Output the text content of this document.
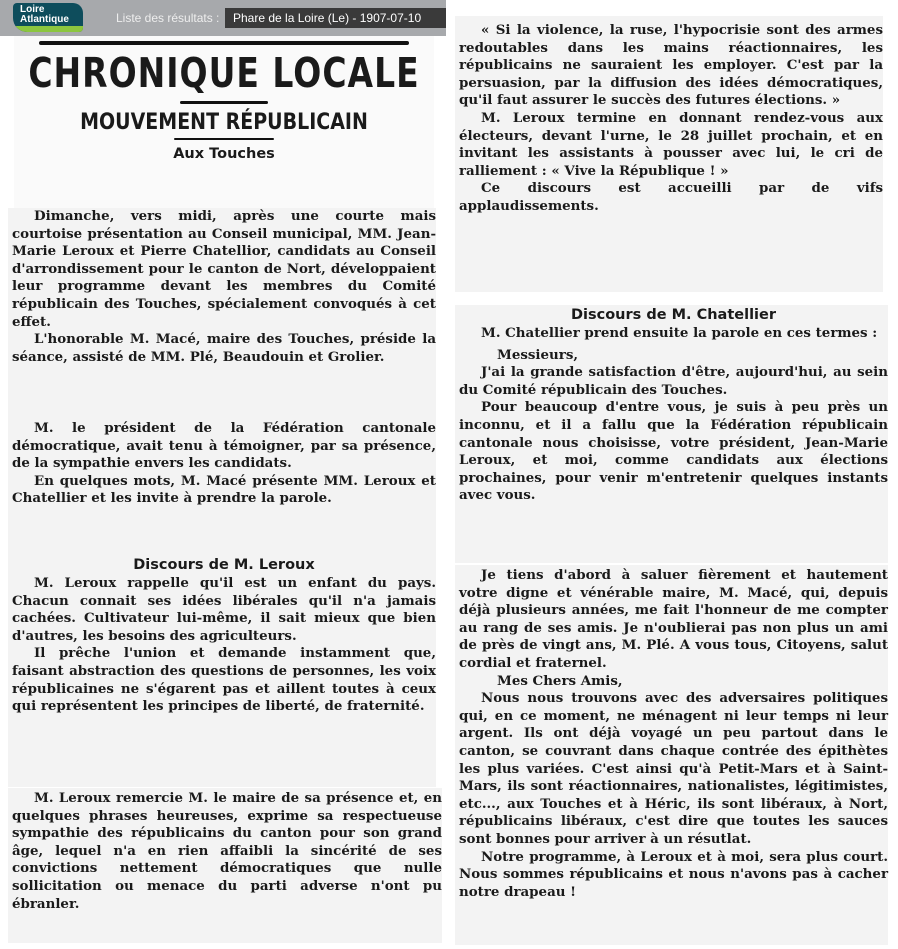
Loire
Atlantique	Liste des résultats :	Phare de la Loire (Le) - 1907-07-10
CHRONIQUE LOCALE
MOUVEMENT RÉPUBLICAIN
Aux Touches

Dimanche, vers midi, après une courte mais courtoise présentation au Conseil municipal, MM. Jean-Marie Leroux et Pierre Chatellior, candidats au Conseil d'arrondissement pour le canton de Nort, développaient leur programme devant les membres du Comité républicain des Touches, spécialement convoqués à cet effet.

L'honorable M. Macé, maire des Touches, préside la séance, assisté de MM. Plé, Beaudouin et Grolier.

M. le président de la Fédération cantonale démocratique, avait tenu à témoigner, par sa présence, de la sympathie envers les candidats.

En quelques mots, M. Macé présente MM. Leroux et Chatellier et les invite à prendre la parole.

Discours de M. Leroux

M. Leroux rappelle qu'il est un enfant du pays. Chacun connait ses idées libérales qu'il n'a jamais cachées. Cultivateur lui-même, il sait mieux que bien d'autres, les besoins des agriculteurs.

Il prêche l'union et demande instamment que, faisant abstraction des questions de personnes, les voix républicaines ne s'égarent pas et aillent toutes à ceux qui représentent les principes de liberté, de fraternité.

M. Leroux remercie M. le maire de sa présence et, en quelques phrases heureuses, exprime sa respectueuse sympathie des républicains du canton pour son grand âge, lequel n'a en rien affaibli la sincérité de ses convictions nettement démocratiques que nulle sollicitation ou menace du parti adverse n'ont pu ébranler.

« Si la violence, la ruse, l'hypocrisie sont des armes redoutables dans les mains réactionnaires, les républicains ne sauraient les employer. C'est par la persuasion, par la diffusion des idées démocratiques, qu'il faut assurer le succès des futures élections. »

M. Leroux termine en donnant rendez-vous aux électeurs, devant l'urne, le 28 juillet prochain, et en invitant les assistants à pousser avec lui, le cri de ralliement : « Vive la République ! »

Ce discours est accueilli par de vifs applaudissements.

Discours de M. Chatellier

M. Chatellier prend ensuite la parole en ces termes :

Messieurs,

J'ai la grande satisfaction d'être, aujourd'hui, au sein du Comité républicain des Touches.

Pour beaucoup d'entre vous, je suis à peu près un inconnu, et il a fallu que la Fédération républicain cantonale nous choisisse, votre président, Jean-Marie Leroux, et moi, comme candidats aux élections prochaines, pour venir m'entretenir quelques instants avec vous.

Je tiens d'abord à saluer fièrement et hautement votre digne et vénérable maire, M. Macé, qui, depuis déjà plusieurs années, me fait l'honneur de me compter au rang de ses amis. Je n'oublierai pas non plus un ami de près de vingt ans, M. Plé. A vous tous, Citoyens, salut cordial et fraternel.

Mes Chers Amis,

Nous nous trouvons avec des adversaires politiques qui, en ce moment, ne ménagent ni leur temps ni leur argent. Ils ont déjà voyagé un peu partout dans le canton, se couvrant dans chaque contrée des épithètes les plus variées. C'est ainsi qu'à Petit-Mars et à Saint-Mars, ils sont réactionnaires, nationalistes, légitimistes, etc..., aux Touches et à Héric, ils sont libéraux, à Nort, républicains libéraux, c'est dire que toutes les sauces sont bonnes pour arriver à un résutlat.

Notre programme, à Leroux et à moi, sera plus court. Nous sommes républicains et nous n'avons pas à cacher notre drapeau !
